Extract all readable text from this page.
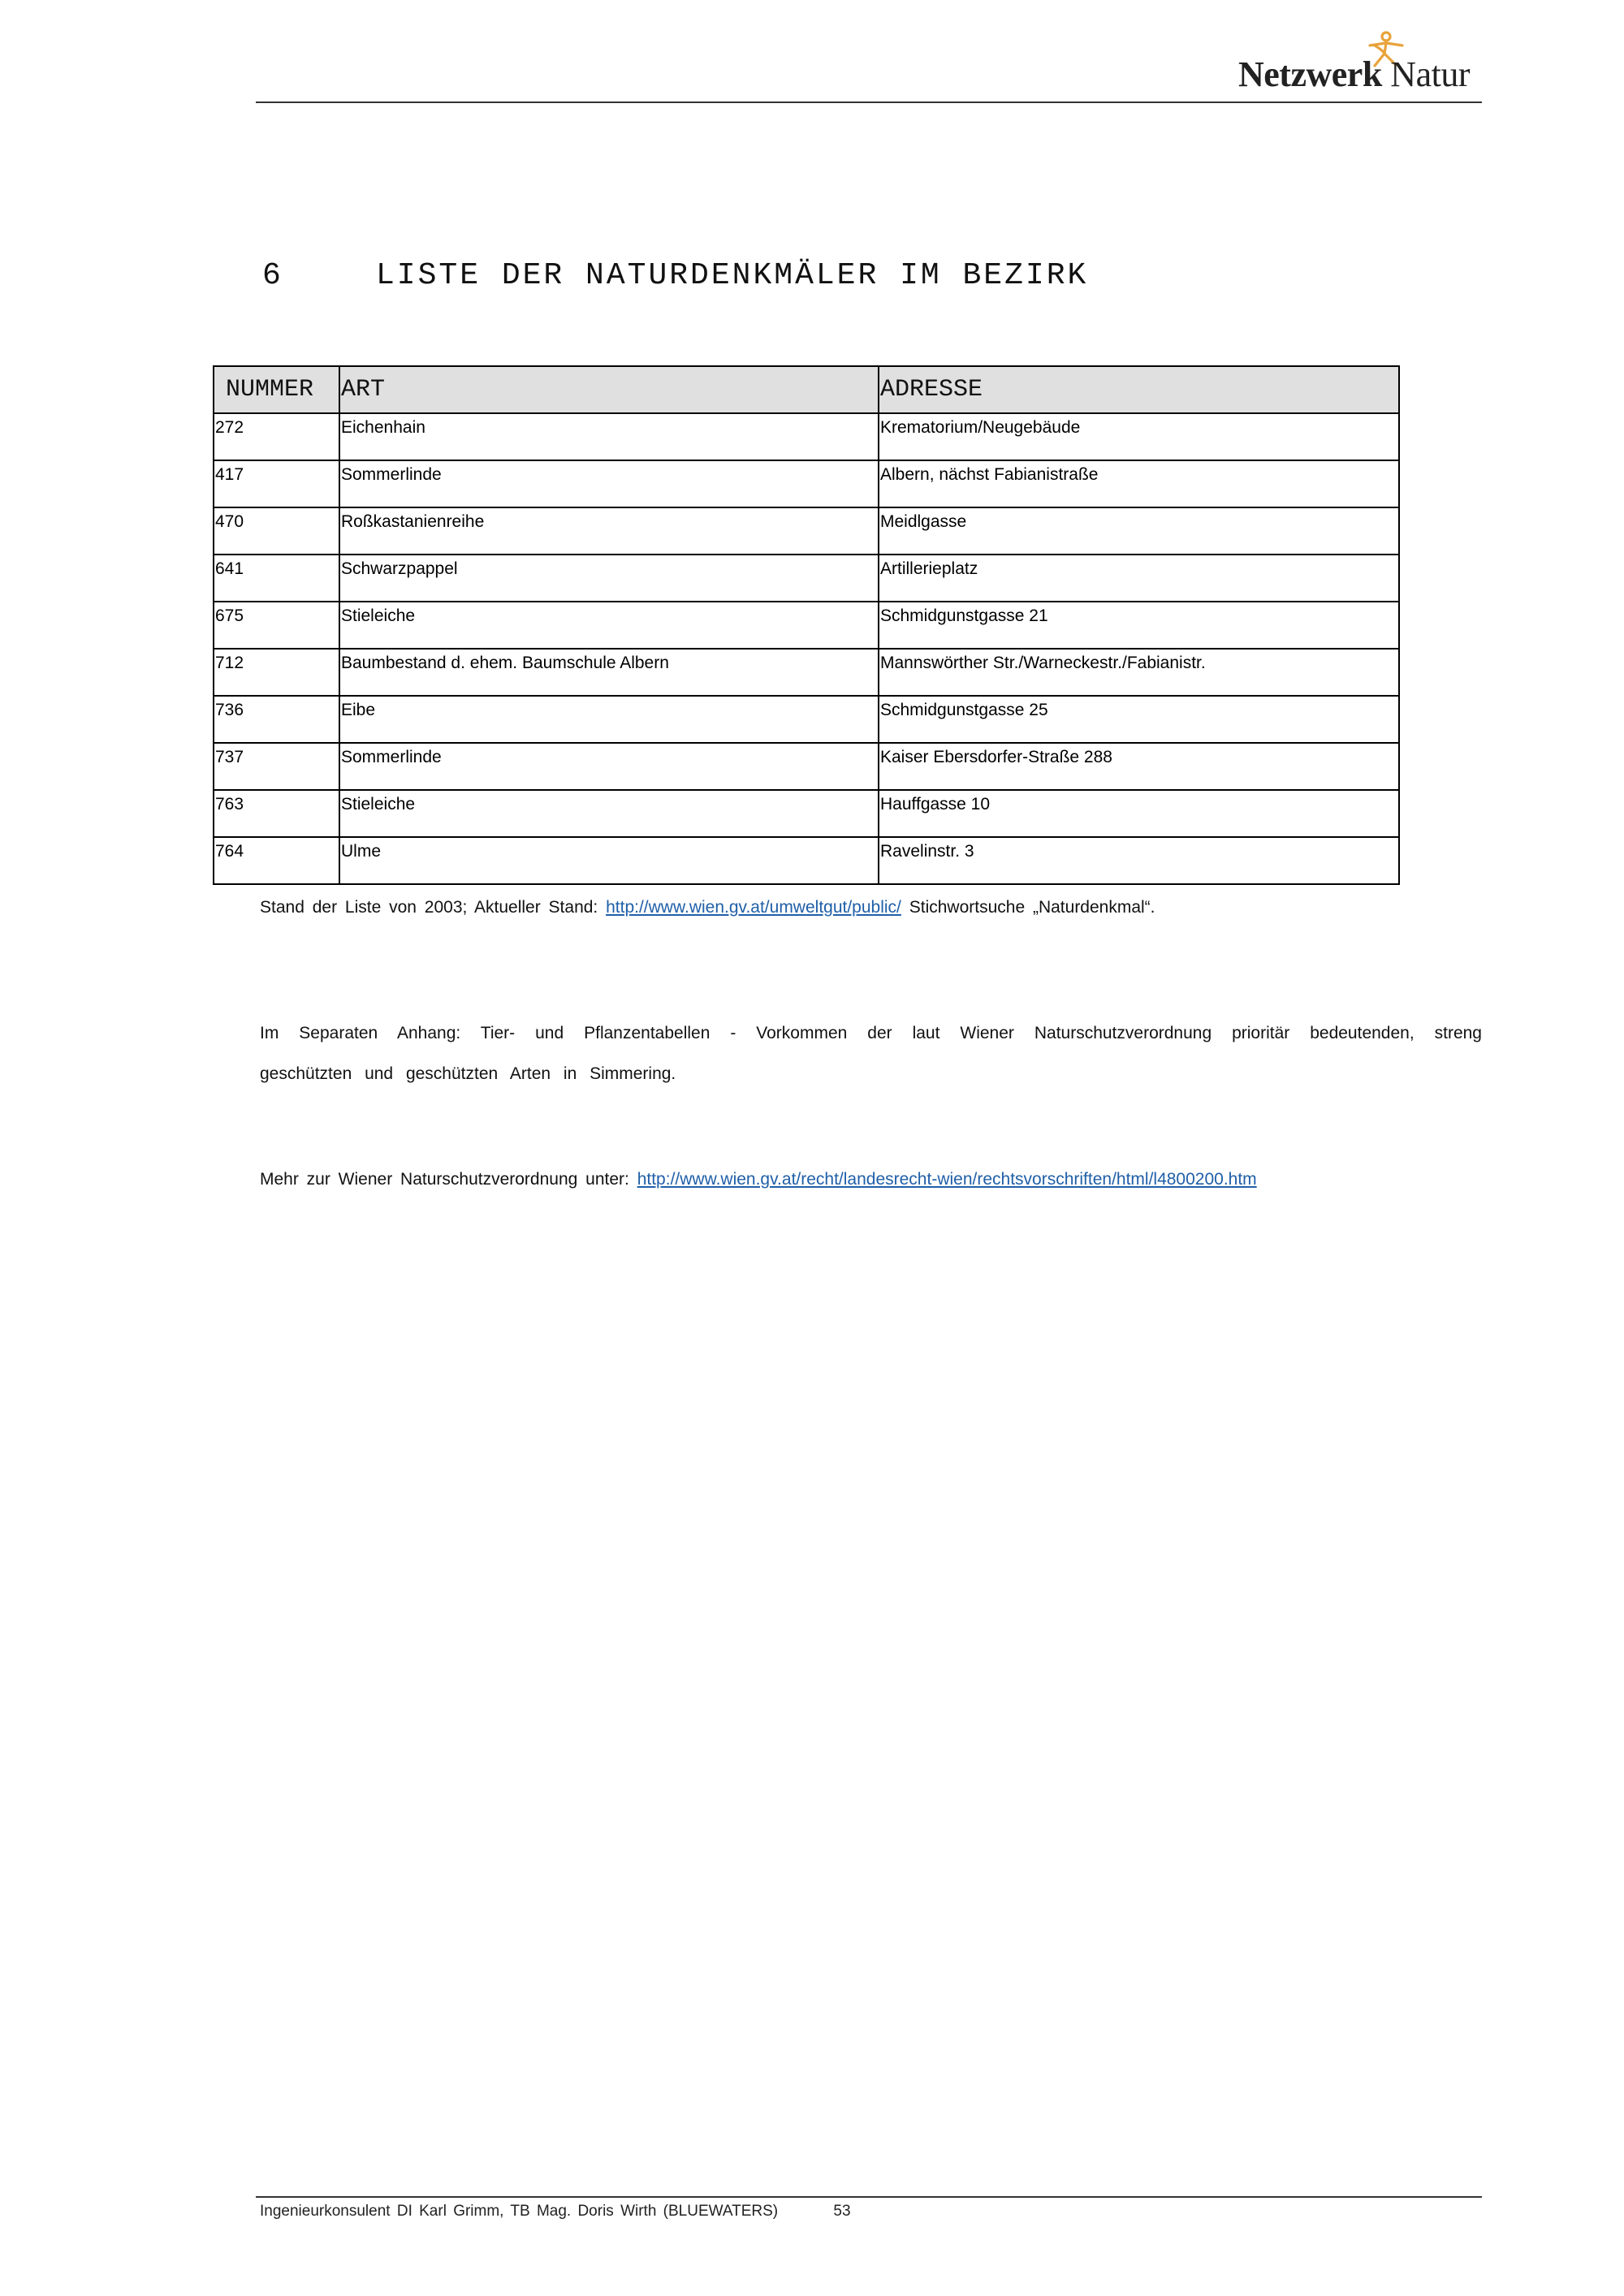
Netzwerk Natur
6	LISTE DER NATURDENKMÄLER IM BEZIRK
NUMMER	ART	ADRESSE
272	Eichenhain	Krematorium/Neugebäude
417	Sommerlinde	Albern, nächst Fabianistraße
470	Roßkastanienreihe	Meidlgasse
641	Schwarzpappel	Artillerieplatz
675	Stieleiche	Schmidgunstgasse 21
712	Baumbestand d. ehem. Baumschule Albern	Mannswörther Str./Warneckestr./Fabianistr.
736	Eibe	Schmidgunstgasse 25
737	Sommerlinde	Kaiser Ebersdorfer-Straße 288
763	Stieleiche	Hauffgasse 10
764	Ulme	Ravelinstr. 3
Stand der Liste von 2003; Aktueller Stand: http://www.wien.gv.at/umweltgut/public/ Stichwortsuche „Naturdenkmal“.
Im Separaten Anhang: Tier- und Pflanzentabellen - Vorkommen der laut Wiener Naturschutzverordnung prioritär bedeutenden, streng geschützten und geschützten Arten in Simmering.
Mehr zur Wiener Naturschutzverordnung unter: http://www.wien.gv.at/recht/landesrecht-wien/rechtsvorschriften/html/l4800200.htm
Ingenieurkonsulent DI Karl Grimm, TB Mag. Doris Wirth (BLUEWATERS)	53
